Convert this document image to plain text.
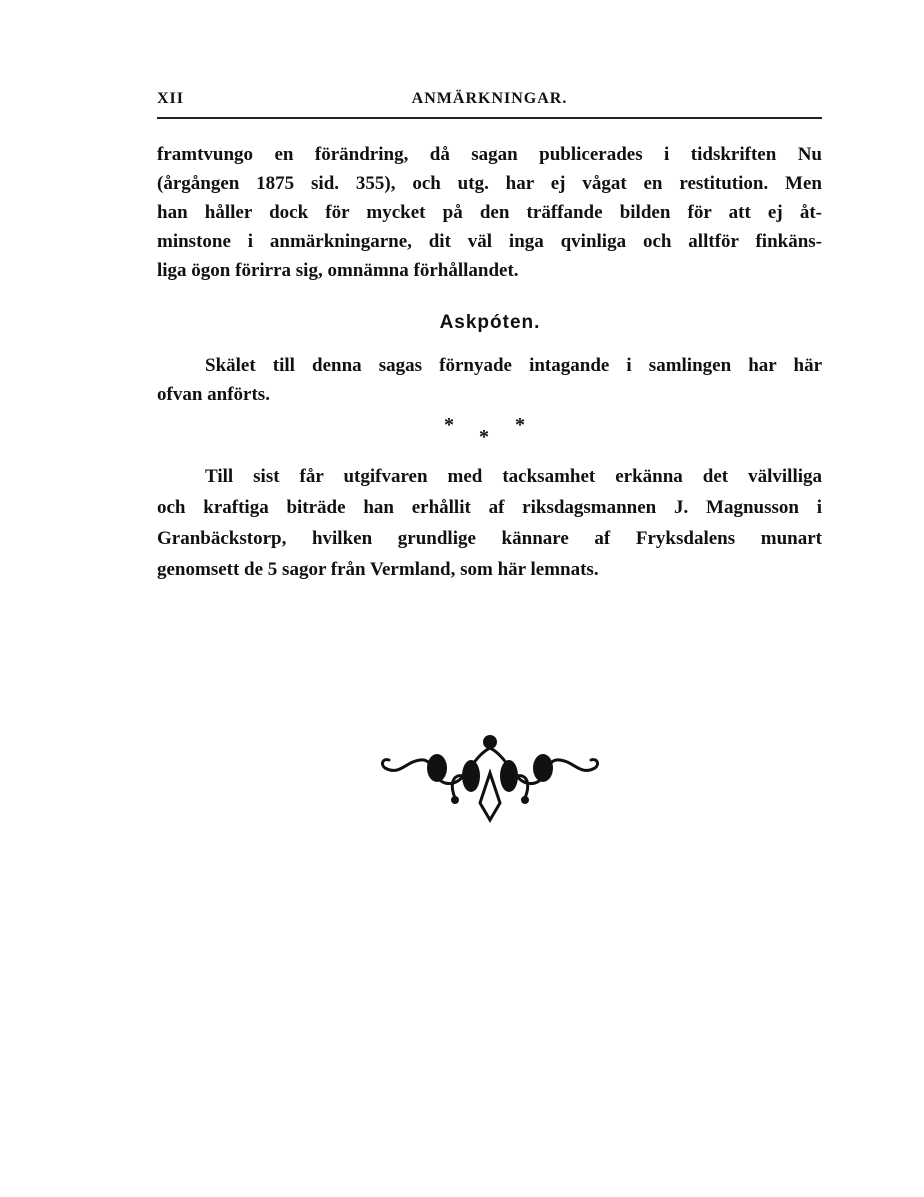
XII	ANMÄRKNINGAR.
framtvungo en förändring, då sagan publicerades i tidskriften Nu
(årgången 1875 sid. 355), och utg. har ej vågat en restitution. Men
han håller dock för mycket på den träffande bilden för att ej åt-
minstone i anmärkningarne, dit väl inga qvinliga och alltför finkäns-
liga ögon förirra sig, omnämna förhållandet.
Askpóten.
Skälet till denna sagas förnyade intagande i samlingen har här
ofvan anförts.
*
*
*
Till sist får utgifvaren med tacksamhet erkänna det välvilliga
och kraftiga biträde han erhållit af riksdagsmannen J. Magnusson i
Granbäckstorp, hvilken grundlige kännare af Fryksdalens munart
genomsett de 5 sagor från Vermland, som här lemnats.
